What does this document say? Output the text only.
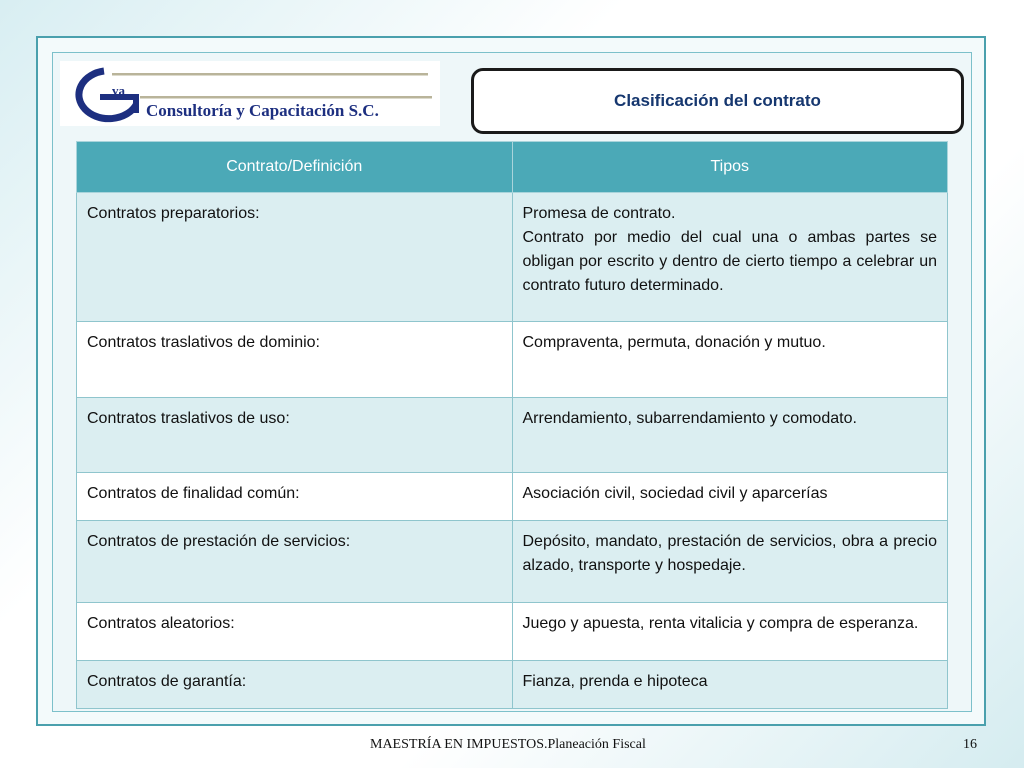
va
Consultoría y Capacitación S.C.
Clasificación del contrato
Contrato/Definición	Tipos
Contratos preparatorios:	Promesa de contrato.
Contrato por medio del cual una o ambas partes se obligan por escrito y dentro de cierto tiempo a celebrar un contrato futuro determinado.

Contratos traslativos de dominio:	Compraventa, permuta, donación y mutuo.
Contratos traslativos de uso:	Arrendamiento, subarrendamiento y comodato.
Contratos de finalidad común:	Asociación civil, sociedad civil y aparcerías
Contratos de prestación de servicios:	Depósito, mandato, prestación de servicios, obra a precio alzado, transporte y hospedaje.
Contratos aleatorios:	Juego y apuesta, renta vitalicia y compra de esperanza.
Contratos de garantía:	Fianza, prenda e hipoteca
MAESTRÍA EN IMPUESTOS.Planeación Fiscal	16
